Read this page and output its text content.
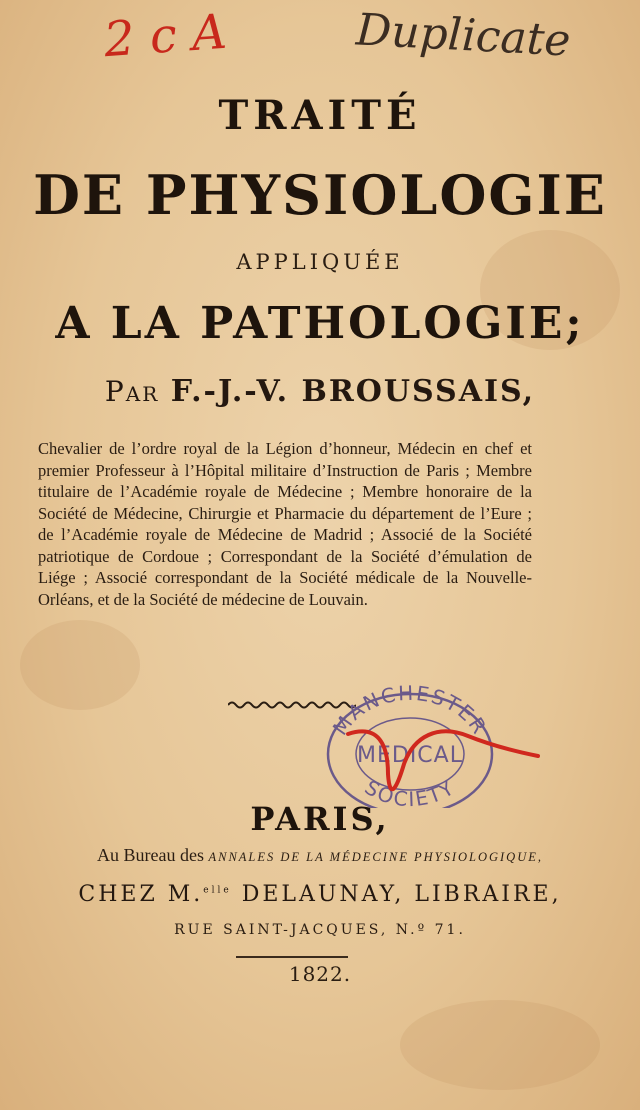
2 c A	Duplicate
TRAITÉ
DE PHYSIOLOGIE
APPLIQUÉE
A LA PATHOLOGIE;
Par F.-J.-V. BROUSSAIS,
Chevalier de l’ordre royal de la Légion d’honneur, Médecin en chef et premier Professeur à l’Hôpital militaire d’Instruction de Paris ; Membre titulaire de l’Académie royale de Médecine ; Membre honoraire de la Société de Médecine, Chirurgie et Pharmacie du département de l’Eure ; de l’Académie royale de Médecine de Madrid ; Associé de la Société patriotique de Cordoue ; Correspondant de la Société d’émulation de Liége ; Associé correspondant de la Société médicale de la Nouvelle-Orléans, et de la Société de médecine de Louvain.
MANCHESTER
MEDICAL
SOCIETY
PARIS,
Au Bureau des ANNALES DE LA MÉDECINE PHYSIOLOGIQUE,
CHEZ M.$^{elle}$ DELAUNAY, LIBRAIRE,
RUE SAINT-JACQUES, N.º 71.
1822.
